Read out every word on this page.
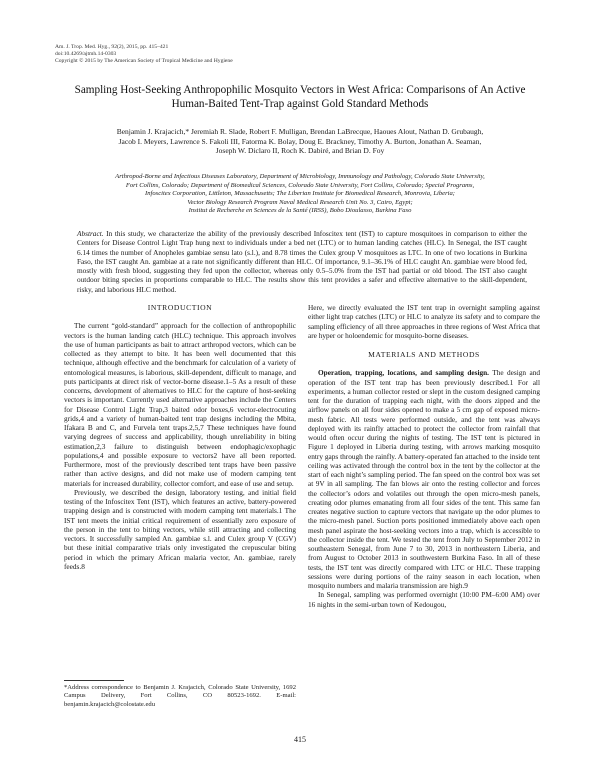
Am. J. Trop. Med. Hyg., 92(2), 2015, pp. 415–421
doi:10.4269/ajtmh.14-0303
Copyright © 2015 by The American Society of Tropical Medicine and Hygiene
Sampling Host-Seeking Anthropophilic Mosquito Vectors in West Africa: Comparisons of An Active Human-Baited Tent-Trap against Gold Standard Methods
Benjamin J. Krajacich,* Jeremiah R. Slade, Robert F. Mulligan, Brendan LaBrecque, Haoues Alout, Nathan D. Grubaugh,
Jacob I. Meyers, Lawrence S. Fakoli III, Fatorma K. Bolay, Doug E. Brackney, Timothy A. Burton, Jonathan A. Seaman,
Joseph W. Diclaro II, Roch K. Dabiré, and Brian D. Foy
Arthropod-Borne and Infectious Diseases Laboratory, Department of Microbiology, Immunology and Pathology, Colorado State University,
Fort Collins, Colorado; Department of Biomedical Sciences, Colorado State University, Fort Collins, Colorado; Special Programs,
Infoscitex Corporation, Littleton, Massachusetts; The Liberian Institute for Biomedical Research, Monrovia, Liberia;
Vector Biology Research Program Naval Medical Research Unit No. 3, Cairo, Egypt;
Institut de Recherche en Sciences de la Santé (IRSS), Bobo Dioulasso, Burkina Faso
Abstract. In this study, we characterize the ability of the previously described Infoscitex tent (IST) to capture mosquitoes in comparison to either the Centers for Disease Control Light Trap hung next to individuals under a bed net (LTC) or to human landing catches (HLC). In Senegal, the IST caught 6.14 times the number of Anopheles gambiae sensu lato (s.l.), and 8.78 times the Culex group V mosquitoes as LTC. In one of two locations in Burkina Faso, the IST caught An. gambiae at a rate not significantly different than HLC. Of importance, 9.1–36.1% of HLC caught An. gambiae were blood fed, mostly with fresh blood, suggesting they fed upon the collector, whereas only 0.5–5.0% from the IST had partial or old blood. The IST also caught outdoor biting species in proportions comparable to HLC. The results show this tent provides a safer and effective alternative to the skill-dependent, risky, and laborious HLC method.
INTRODUCTION

The current “gold-standard” approach for the collection of anthropophilic vectors is the human landing catch (HLC) technique. This approach involves the use of human participants as bait to attract arthropod vectors, which can be collected as they attempt to bite. It has been well documented that this technique, although effective and the benchmark for calculation of a variety of entomological measures, is laborious, skill-dependent, difficult to manage, and puts participants at direct risk of vector-borne disease.1–5 As a result of these concerns, development of alternatives to HLC for the capture of host-seeking vectors is important. Currently used alternative approaches include the Centers for Disease Control Light Trap,3 baited odor boxes,6 vector-electrocuting grids,4 and a variety of human-baited tent trap designs including the Mbita, Ifakara B and C, and Furvela tent traps.2,5,7 These techniques have found varying degrees of success and applicability, though unreliability in biting estimation,2,3 failure to distinguish between endophagic/exophagic populations,4 and possible exposure to vectors2 have all been reported. Furthermore, most of the previously described tent traps have been passive rather than active designs, and did not make use of modern camping tent materials for increased durability, collector comfort, and ease of use and setup.

Previously, we described the design, laboratory testing, and initial field testing of the Infoscitex Tent (IST), which features an active, battery-powered trapping design and is constructed with modern camping tent materials.1 The IST tent meets the initial critical requirement of essentially zero exposure of the person in the tent to biting vectors, while still attracting and collecting vectors. It successfully sampled An. gambiae s.l. and Culex group V (CGV) but these initial comparative trials only investigated the crepuscular biting period in which the primary African malaria vector, An. gambiae, rarely feeds.8

Here, we directly evaluated the IST tent trap in overnight sampling against either light trap catches (LTC) or HLC to analyze its safety and to compare the sampling efficiency of all three approaches in three regions of West Africa that are hyper or holoendemic for mosquito-borne diseases.

MATERIALS AND METHODS

Operation, trapping, locations, and sampling design. The design and operation of the IST tent trap has been previously described.1 For all experiments, a human collector rested or slept in the custom designed camping tent for the duration of trapping each night, with the doors zipped and the airflow panels on all four sides opened to make a 5 cm gap of exposed micro-mesh fabric. All tests were performed outside, and the tent was always deployed with its rainfly attached to protect the collector from rainfall that would often occur during the nights of testing. The IST tent is pictured in Figure 1 deployed in Liberia during testing, with arrows marking mosquito entry gaps through the rainfly. A battery-operated fan attached to the inside tent ceiling was activated through the control box in the tent by the collector at the start of each night’s sampling period. The fan speed on the control box was set at 9V in all sampling. The fan blows air onto the resting collector and forces the collector’s odors and volatiles out through the open micro-mesh panels, creating odor plumes emanating from all four sides of the tent. This same fan creates negative suction to capture vectors that navigate up the odor plumes to the micro-mesh panel. Suction ports positioned immediately above each open mesh panel aspirate the host-seeking vectors into a trap, which is accessible to the collector inside the tent. We tested the tent from July to September 2012 in southeastern Senegal, from June 7 to 30, 2013 in northeastern Liberia, and from August to October 2013 in southwestern Burkina Faso. In all of these tests, the IST tent was directly compared with LTC or HLC. These trapping sessions were during portions of the rainy season in each location, when mosquito numbers and malaria transmission are high.9

In Senegal, sampling was performed overnight (10:00 PM–6:00 AM) over 16 nights in the semi-urban town of Kedougou,

*Address correspondence to Benjamin J. Krajacich, Colorado State University, 1692 Campus Delivery, Fort Collins, CO 80523-1692. E-mail: benjamin.krajacich@colostate.edu
415
